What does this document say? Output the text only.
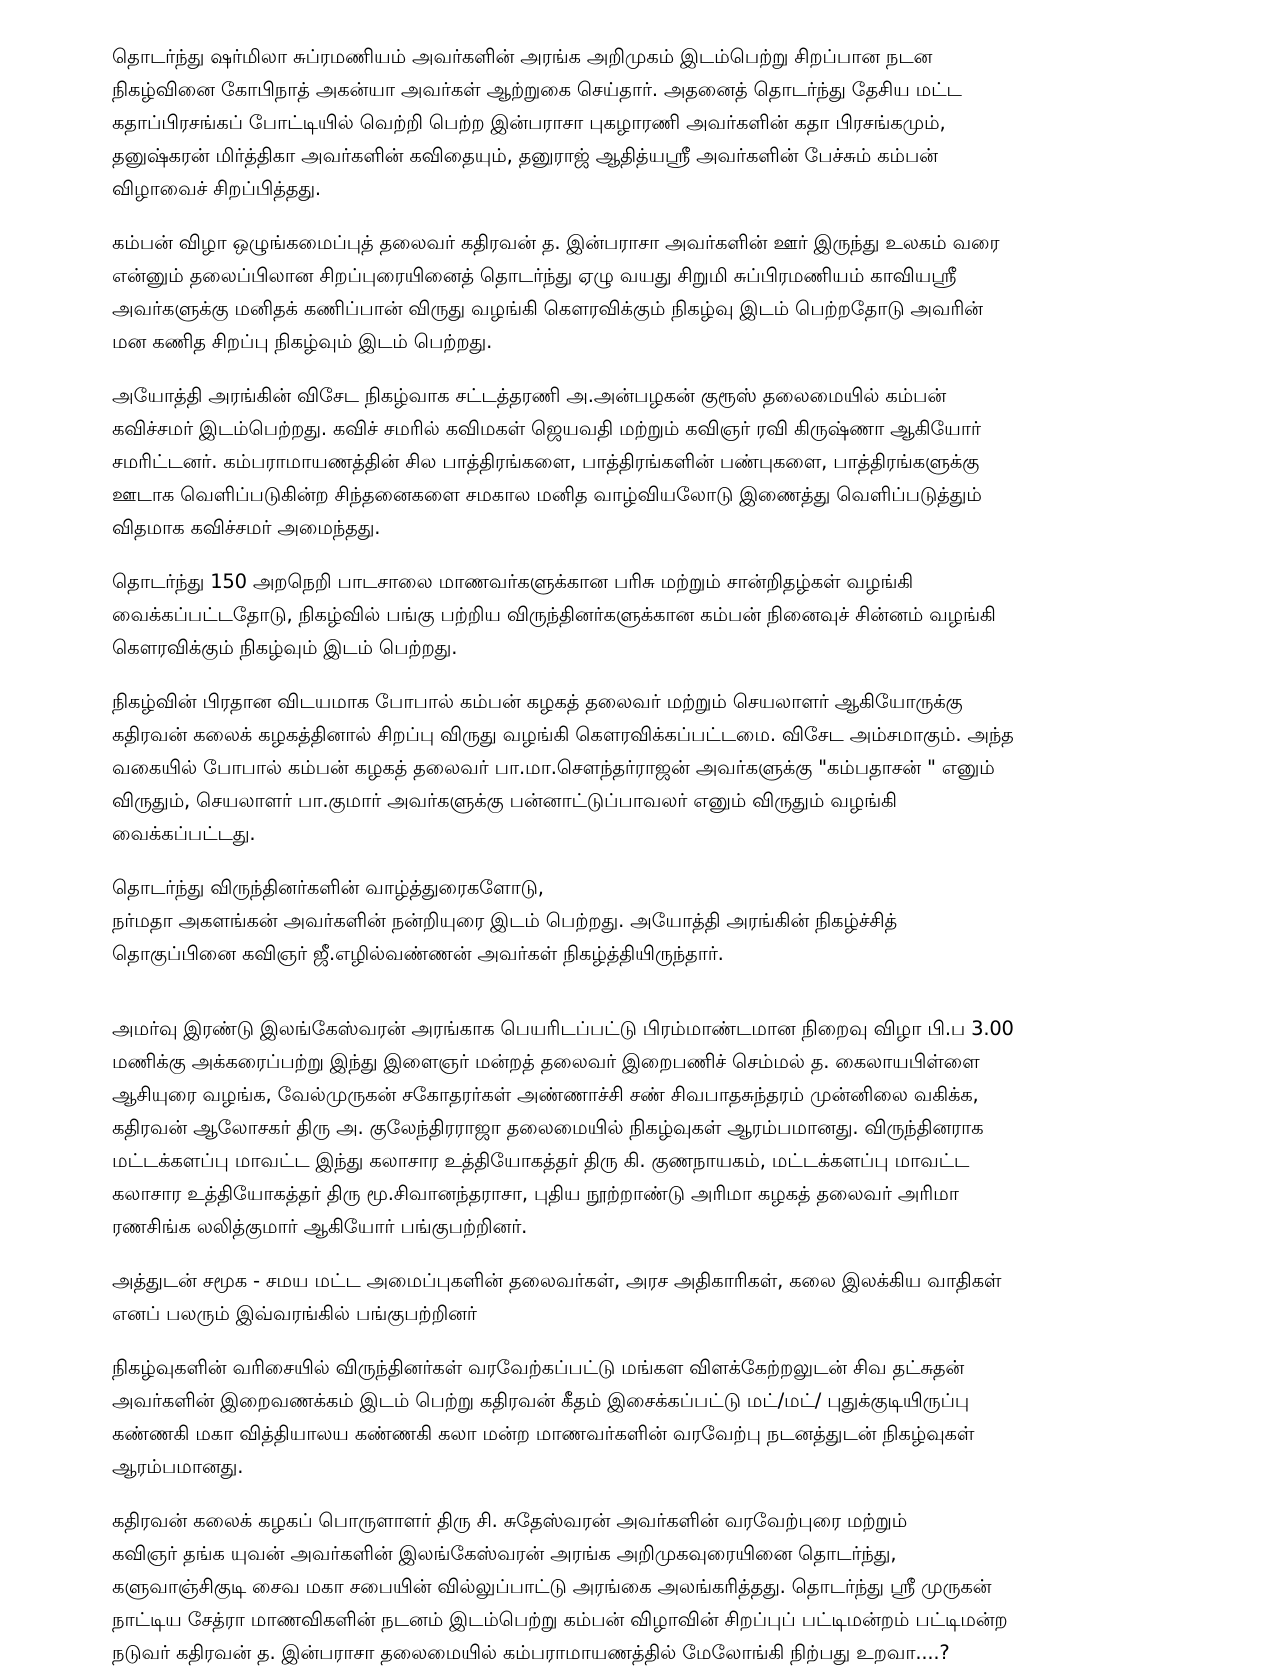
தொடர்ந்து ஷர்மிலா சுப்ரமணியம் அவர்களின் அரங்க அறிமுகம் இடம்பெற்று சிறப்பான நடன
நிகழ்வினை கோபிநாத் அகன்யா அவர்கள் ஆற்றுகை செய்தார். அதனைத் தொடர்ந்து தேசிய மட்ட
கதாப்பிரசங்கப் போட்டியில் வெற்றி பெற்ற இன்பராசா புகழாரணி அவர்களின் கதா பிரசங்கமும்,
தனுஷ்கரன் மிர்த்திகா அவர்களின் கவிதையும், தனுராஜ் ஆதித்யஸ்ரீ அவர்களின் பேச்சும் கம்பன்
விழாவைச் சிறப்பித்தது.

கம்பன் விழா ஒழுங்கமைப்புத் தலைவர் கதிரவன் த. இன்பராசா அவர்களின் ஊர் இருந்து உலகம் வரை
என்னும் தலைப்பிலான சிறப்புரையினைத் தொடர்ந்து ஏழு வயது சிறுமி சுப்பிரமணியம் காவியஸ்ரீ
அவர்களுக்கு மனிதக் கணிப்பான் விருது வழங்கி கௌரவிக்கும் நிகழ்வு இடம் பெற்றதோடு அவரின்
மன கணித சிறப்பு நிகழ்வும் இடம் பெற்றது.

அயோத்தி அரங்கின் விசேட நிகழ்வாக சட்டத்தரணி அ.அன்பழகன் குரூஸ் தலைமையில் கம்பன்
கவிச்சமர் இடம்பெற்றது. கவிச் சமரில் கவிமகள் ஜெயவதி மற்றும் கவிஞர் ரவி கிருஷ்ணா ஆகியோர்
சமரிட்டனர். கம்பராமாயணத்தின் சில பாத்திரங்களை, பாத்திரங்களின் பண்புகளை, பாத்திரங்களுக்கு
ஊடாக வெளிப்படுகின்ற சிந்தனைகளை சமகால மனித வாழ்வியலோடு இணைத்து வெளிப்படுத்தும்
விதமாக கவிச்சமர் அமைந்தது.

தொடர்ந்து 150 அறநெறி பாடசாலை மாணவர்களுக்கான பரிசு மற்றும் சான்றிதழ்கள் வழங்கி
வைக்கப்பட்டதோடு, நிகழ்வில் பங்கு பற்றிய விருந்தினர்களுக்கான கம்பன் நினைவுச் சின்னம் வழங்கி
கௌரவிக்கும் நிகழ்வும் இடம் பெற்றது.

நிகழ்வின் பிரதான விடயமாக போபால் கம்பன் கழகத் தலைவர் மற்றும் செயலாளர் ஆகியோருக்கு
கதிரவன் கலைக் கழகத்தினால் சிறப்பு விருது வழங்கி கௌரவிக்கப்பட்டமை. விசேட அம்சமாகும். அந்த
வகையில் போபால் கம்பன் கழகத் தலைவர் பா.மா.சௌந்தர்ராஜன் அவர்களுக்கு "கம்பதாசன் " எனும்
விருதும், செயலாளர் பா.குமார் அவர்களுக்கு பன்னாட்டுப்பாவலர் எனும் விருதும் வழங்கி
வைக்கப்பட்டது.

தொடர்ந்து விருந்தினர்களின் வாழ்த்துரைகளோடு,
நர்மதா அகளங்கன் அவர்களின் நன்றியுரை இடம் பெற்றது. அயோத்தி அரங்கின் நிகழ்ச்சித்
தொகுப்பினை கவிஞர் ஜீ.எழில்வண்ணன் அவர்கள் நிகழ்த்தியிருந்தார்.

அமர்வு இரண்டு இலங்கேஸ்வரன் அரங்காக பெயரிடப்பட்டு பிரம்மாண்டமான நிறைவு விழா பி.ப 3.00
மணிக்கு அக்கரைப்பற்று இந்து இளைஞர் மன்றத் தலைவர் இறைபணிச் செம்மல் த. கைலாயபிள்ளை
ஆசியுரை வழங்க, வேல்முருகன் சகோதரர்கள் அண்ணாச்சி சண் சிவபாதசுந்தரம் முன்னிலை வகிக்க,
கதிரவன் ஆலோசகர் திரு அ. குலேந்திரராஜா தலைமையில் நிகழ்வுகள் ஆரம்பமானது. விருந்தினராக
மட்டக்களப்பு மாவட்ட இந்து கலாசார உத்தியோகத்தர் திரு கி. குணநாயகம், மட்டக்களப்பு மாவட்ட
கலாசார உத்தியோகத்தர் திரு மூ.சிவானந்தராசா, புதிய நூற்றாண்டு அரிமா கழகத் தலைவர் அரிமா
ரணசிங்க லலித்குமார் ஆகியோர் பங்குபற்றினர்.

அத்துடன் சமூக - சமய மட்ட அமைப்புகளின் தலைவர்கள், அரச அதிகாரிகள், கலை இலக்கிய வாதிகள்
எனப் பலரும் இவ்வரங்கில் பங்குபற்றினர்

நிகழ்வுகளின் வரிசையில் விருந்தினர்கள் வரவேற்கப்பட்டு மங்கள விளக்கேற்றலுடன் சிவ தட்சுதன்
அவர்களின் இறைவணக்கம் இடம் பெற்று கதிரவன் கீதம் இசைக்கப்பட்டு மட்/மட்/ புதுக்குடியிருப்பு
கண்ணகி மகா வித்தியாலய கண்ணகி கலா மன்ற மாணவர்களின் வரவேற்பு நடனத்துடன் நிகழ்வுகள்
ஆரம்பமானது.

கதிரவன் கலைக் கழகப் பொருளாளர் திரு சி. சுதேஸ்வரன் அவர்களின் வரவேற்புரை மற்றும்
கவிஞர் தங்க யுவன் அவர்களின் இலங்கேஸ்வரன் அரங்க அறிமுகவுரையினை தொடர்ந்து,
களுவாஞ்சிகுடி சைவ மகா சபையின் வில்லுப்பாட்டு அரங்கை அலங்கரித்தது. தொடர்ந்து ஸ்ரீ முருகன்
நாட்டிய சேத்ரா மாணவிகளின் நடனம் இடம்பெற்று கம்பன் விழாவின் சிறப்புப் பட்டிமன்றம் பட்டிமன்ற
நடுவர் கதிரவன் த. இன்பராசா தலைமையில் கம்பராமாயணத்தில் மேலோங்கி நிற்பது உறவா....?
